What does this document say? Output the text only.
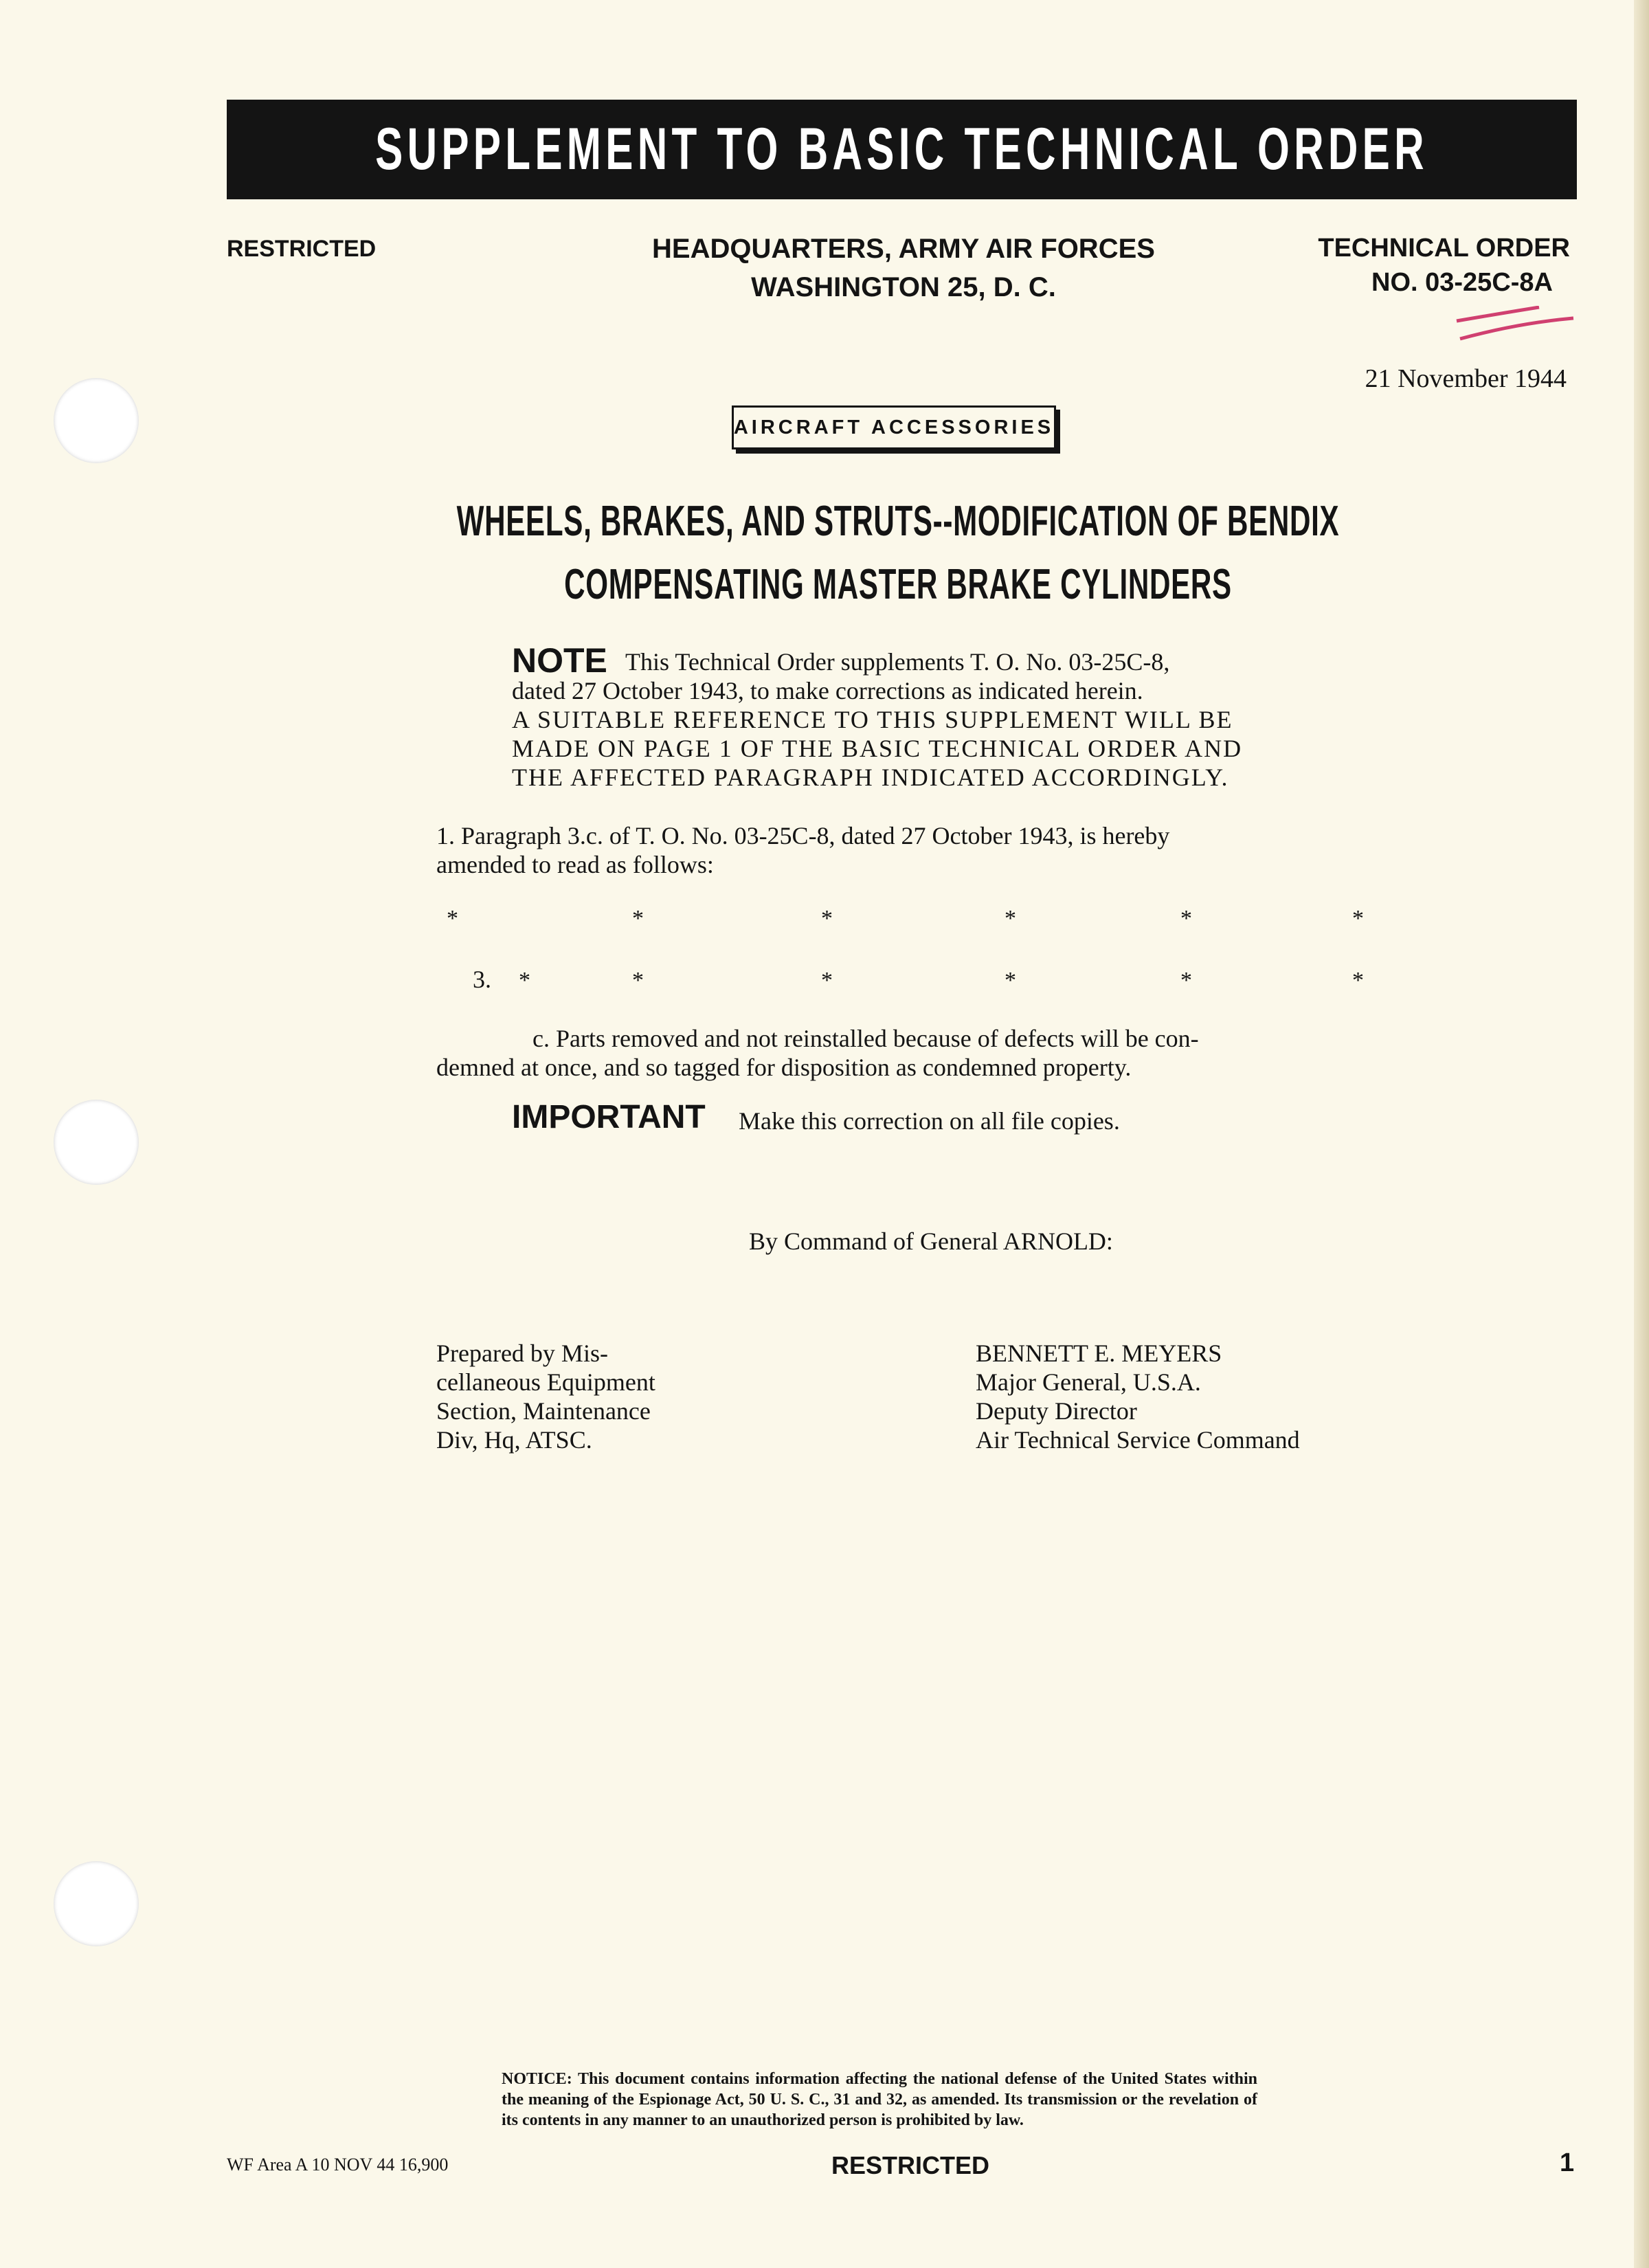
SUPPLEMENT TO BASIC TECHNICAL ORDER
RESTRICTED	HEADQUARTERS, ARMY AIR FORCES
WASHINGTON 25, D. C.
TECHNICAL ORDER
NO. 03-25C-8A
21 November 1944
AIRCRAFT ACCESSORIES
WHEELS, BRAKES, AND STRUTS--MODIFICATION OF BENDIX
COMPENSATING MASTER BRAKE CYLINDERS
NOTE This Technical Order supplements T. O. No. 03-25C-8,
dated 27 October 1943, to make corrections as indicated herein.
A SUITABLE REFERENCE TO THIS SUPPLEMENT WILL BE
MADE ON PAGE 1 OF THE BASIC TECHNICAL ORDER AND
THE AFFECTED PARAGRAPH INDICATED ACCORDINGLY.
1. Paragraph 3.c. of T. O. No. 03-25C-8, dated 27 October 1943, is hereby
amended to read as follows:
*	*	*	*	*	*
3. *	*	*	*	*	*
c. Parts removed and not reinstalled because of defects will be con-
demned at once, and so tagged for disposition as condemned property.
IMPORTANT Make this correction on all file copies.
By Command of General ARNOLD:
Prepared by Mis-
cellaneous Equipment
Section, Maintenance
Div, Hq, ATSC.
BENNETT E. MEYERS
Major General, U.S.A.
Deputy Director
Air Technical Service Command
NOTICE: This document contains information affecting the national defense of the United States within the meaning of the Espionage Act, 50 U. S. C., 31 and 32, as amended. Its transmission or the revelation of its contents in any manner to an unauthorized person is prohibited by law.
WF Area A 10 NOV 44 16,900	RESTRICTED	1
